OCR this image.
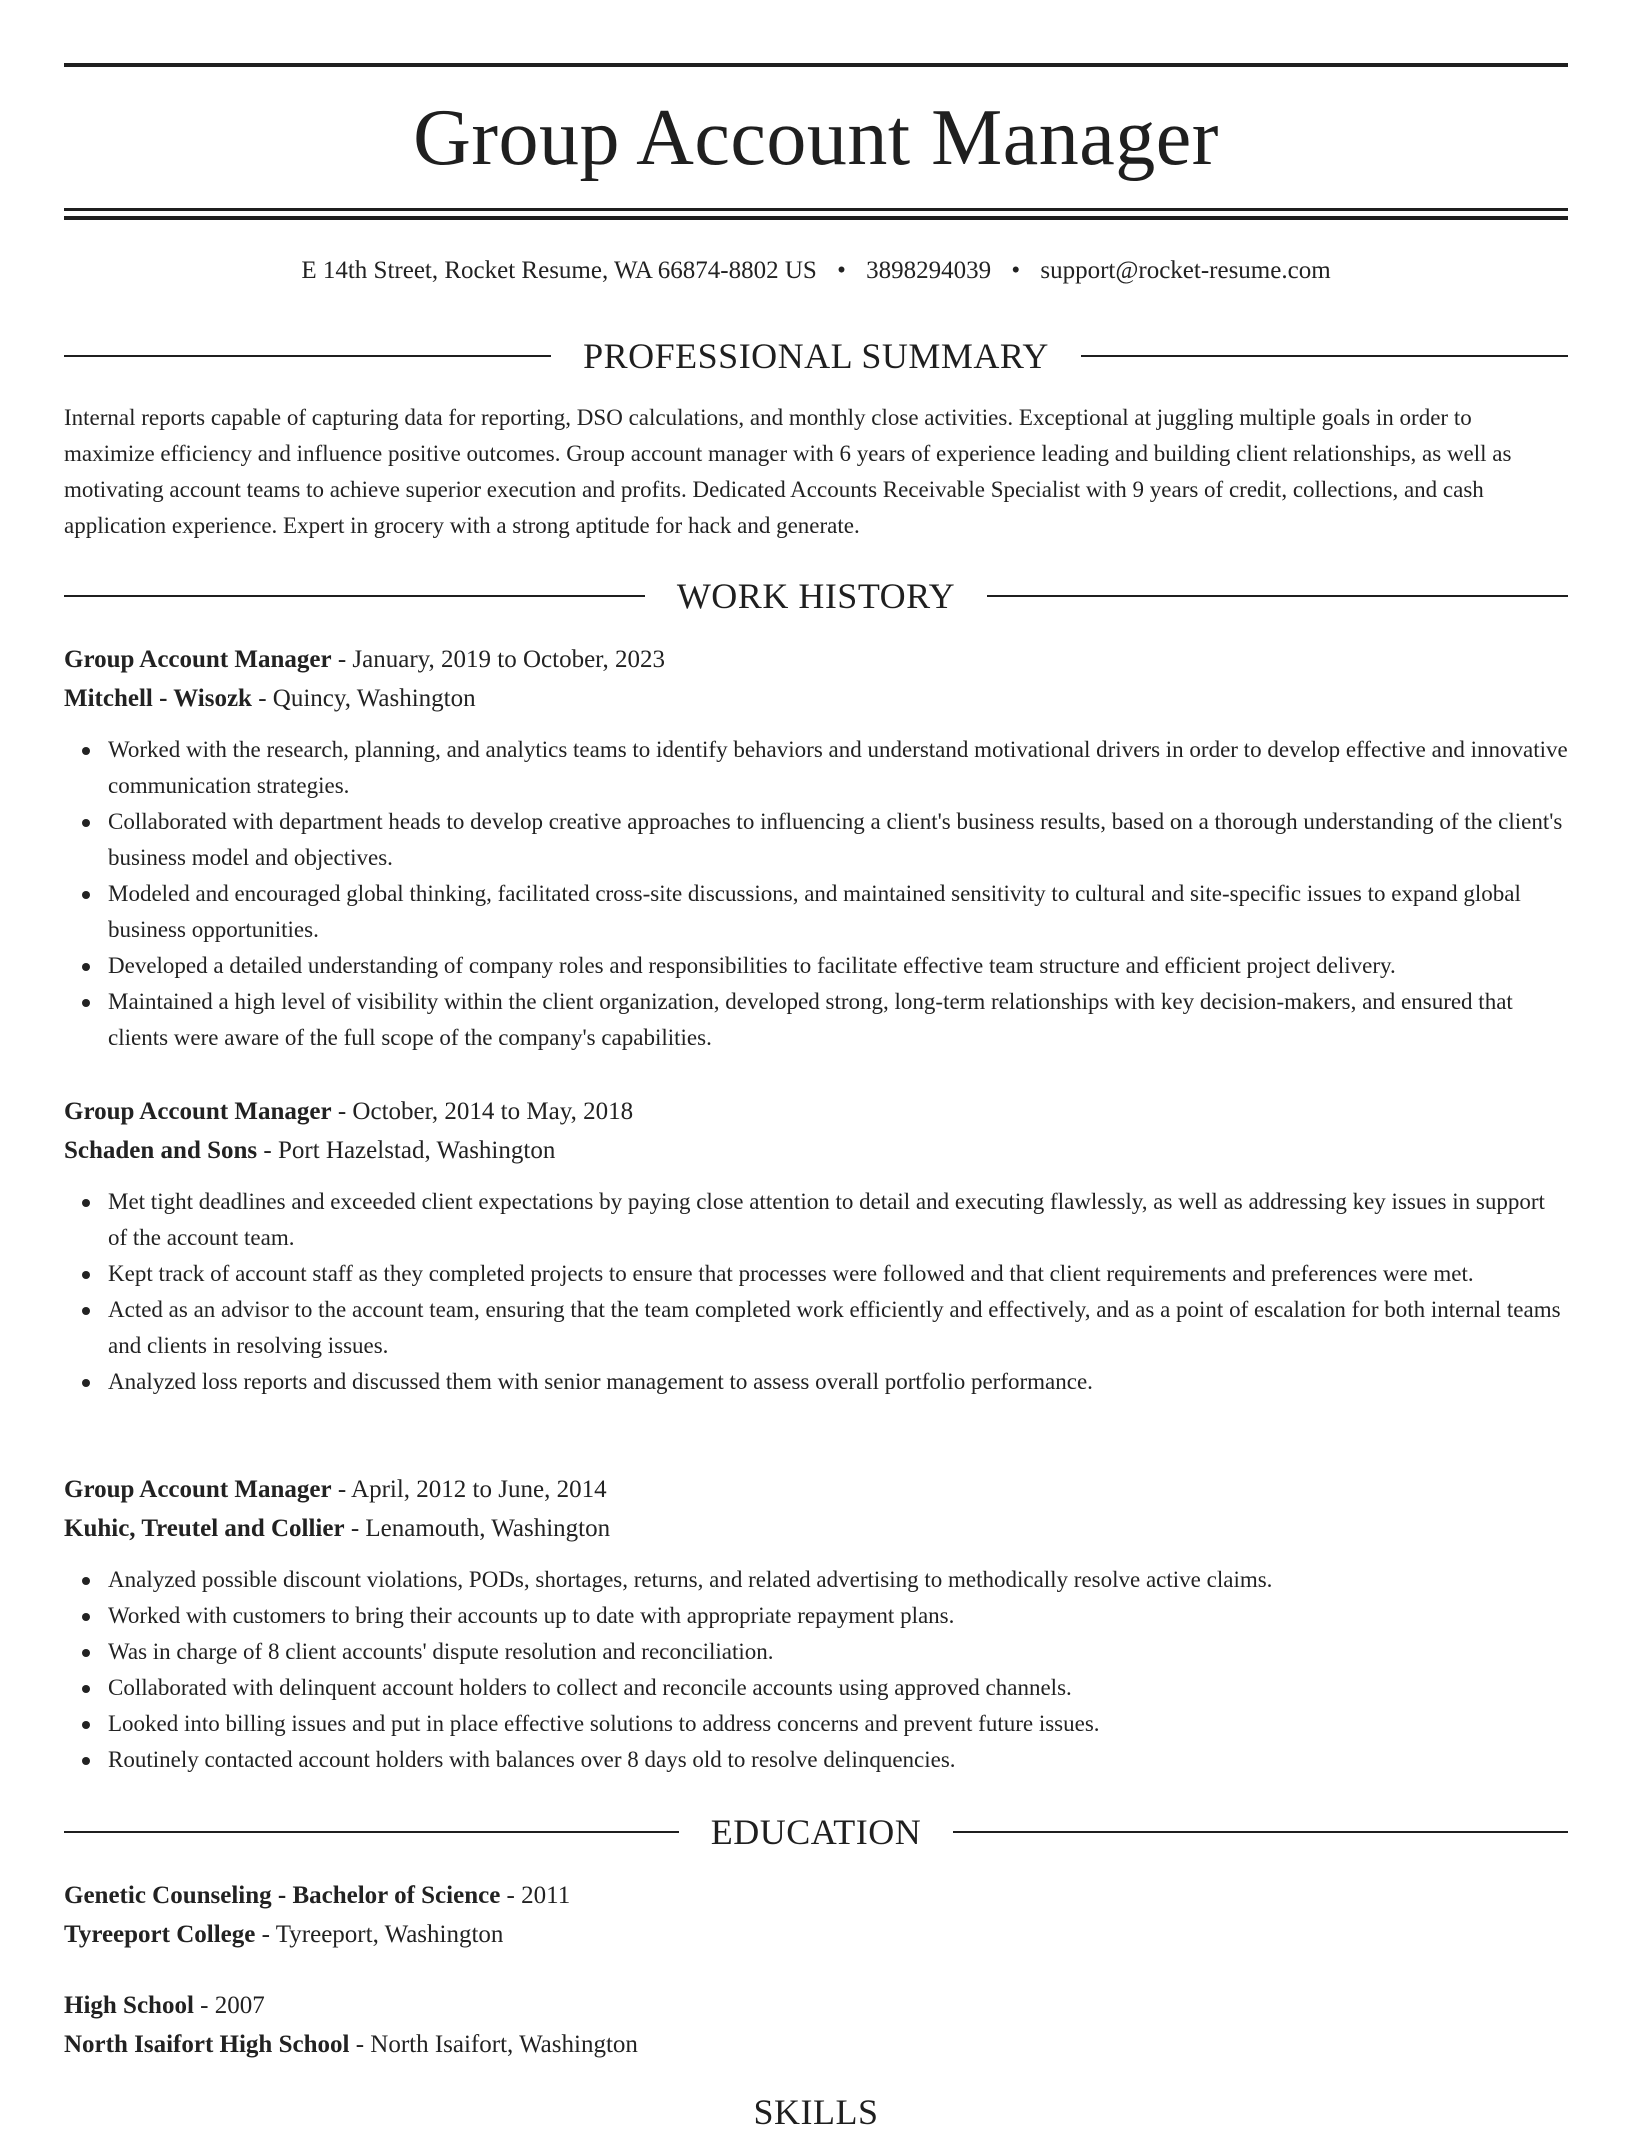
Group Account Manager
E 14th Street, Rocket Resume, WA 66874-8802 US • 3898294039 • support@rocket-resume.com
PROFESSIONAL SUMMARY

Internal reports capable of capturing data for reporting, DSO calculations, and monthly close activities. Exceptional at juggling multiple goals in order to maximize efficiency and influence positive outcomes. Group account manager with 6 years of experience leading and building client relationships, as well as motivating account teams to achieve superior execution and profits. Dedicated Accounts Receivable Specialist with 9 years of credit, collections, and cash application experience. Expert in grocery with a strong aptitude for hack and generate.

WORK HISTORY
Group Account Manager - January, 2019 to October, 2023
Mitchell - Wisozk - Quincy, Washington
Worked with the research, planning, and analytics teams to identify behaviors and understand motivational drivers in order to develop effective and innovative communication strategies.
Collaborated with department heads to develop creative approaches to influencing a client's business results, based on a thorough understanding of the client's business model and objectives.
Modeled and encouraged global thinking, facilitated cross-site discussions, and maintained sensitivity to cultural and site-specific issues to expand global business opportunities.
Developed a detailed understanding of company roles and responsibilities to facilitate effective team structure and efficient project delivery.
Maintained a high level of visibility within the client organization, developed strong, long-term relationships with key decision-makers, and ensured that clients were aware of the full scope of the company's capabilities.
Group Account Manager - October, 2014 to May, 2018
Schaden and Sons - Port Hazelstad, Washington
Met tight deadlines and exceeded client expectations by paying close attention to detail and executing flawlessly, as well as addressing key issues in support of the account team.
Kept track of account staff as they completed projects to ensure that processes were followed and that client requirements and preferences were met.
Acted as an advisor to the account team, ensuring that the team completed work efficiently and effectively, and as a point of escalation for both internal teams and clients in resolving issues.
Analyzed loss reports and discussed them with senior management to assess overall portfolio performance.
Group Account Manager - April, 2012 to June, 2014
Kuhic, Treutel and Collier - Lenamouth, Washington
Analyzed possible discount violations, PODs, shortages, returns, and related advertising to methodically resolve active claims.
Worked with customers to bring their accounts up to date with appropriate repayment plans.
Was in charge of 8 client accounts' dispute resolution and reconciliation.
Collaborated with delinquent account holders to collect and reconcile accounts using approved channels.
Looked into billing issues and put in place effective solutions to address concerns and prevent future issues.
Routinely contacted account holders with balances over 8 days old to resolve delinquencies.
EDUCATION
Genetic Counseling - Bachelor of Science - 2011
Tyreeport College - Tyreeport, Washington
High School - 2007
North Isaifort High School - North Isaifort, Washington
SKILLS
